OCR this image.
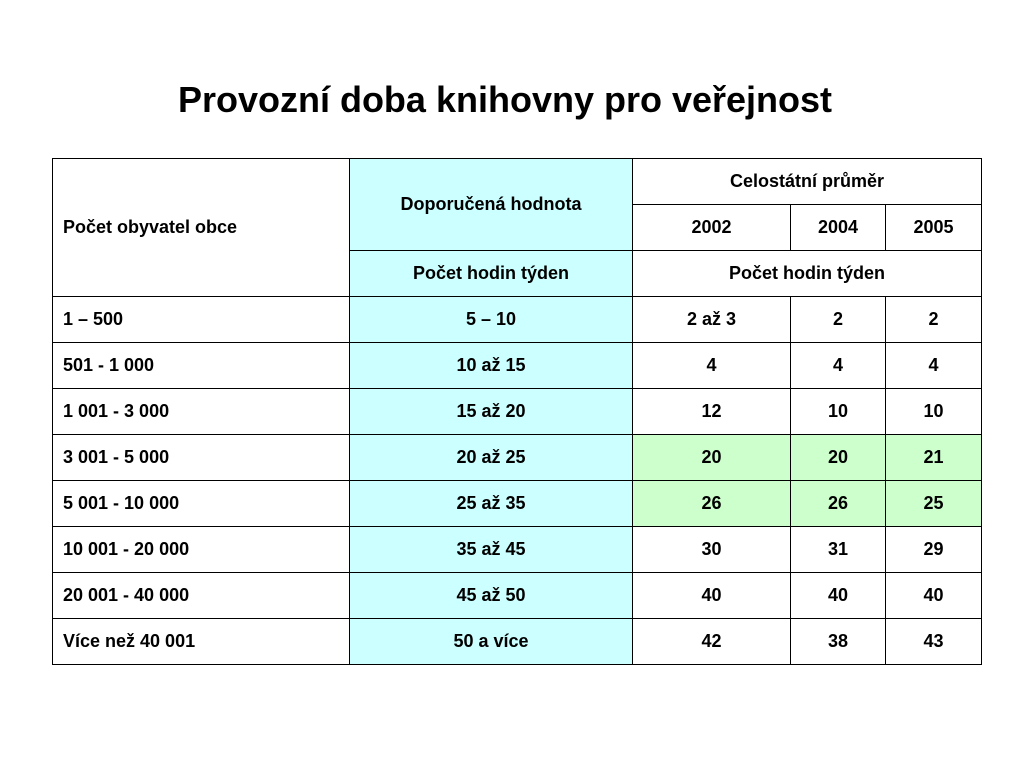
Provozní doba knihovny pro veřejnost
Počet obyvatel obce	Doporučená hodnota	Celostátní průměr		
		2002	2004	2005
	Počet hodin týden	Počet hodin týden		
1 – 500	5 – 10	2 až 3	2	2
501 - 1 000	10 až 15	4	4	4
1 001 - 3 000	15 až 20	12	10	10
3 001 - 5 000	20 až 25	20	20	21
5 001 - 10 000	25 až 35	26	26	25
10 001 - 20 000	35 až 45	30	31	29
20 001 - 40 000	45 až 50	40	40	40
Více než 40 001	50 a více	42	38	43
